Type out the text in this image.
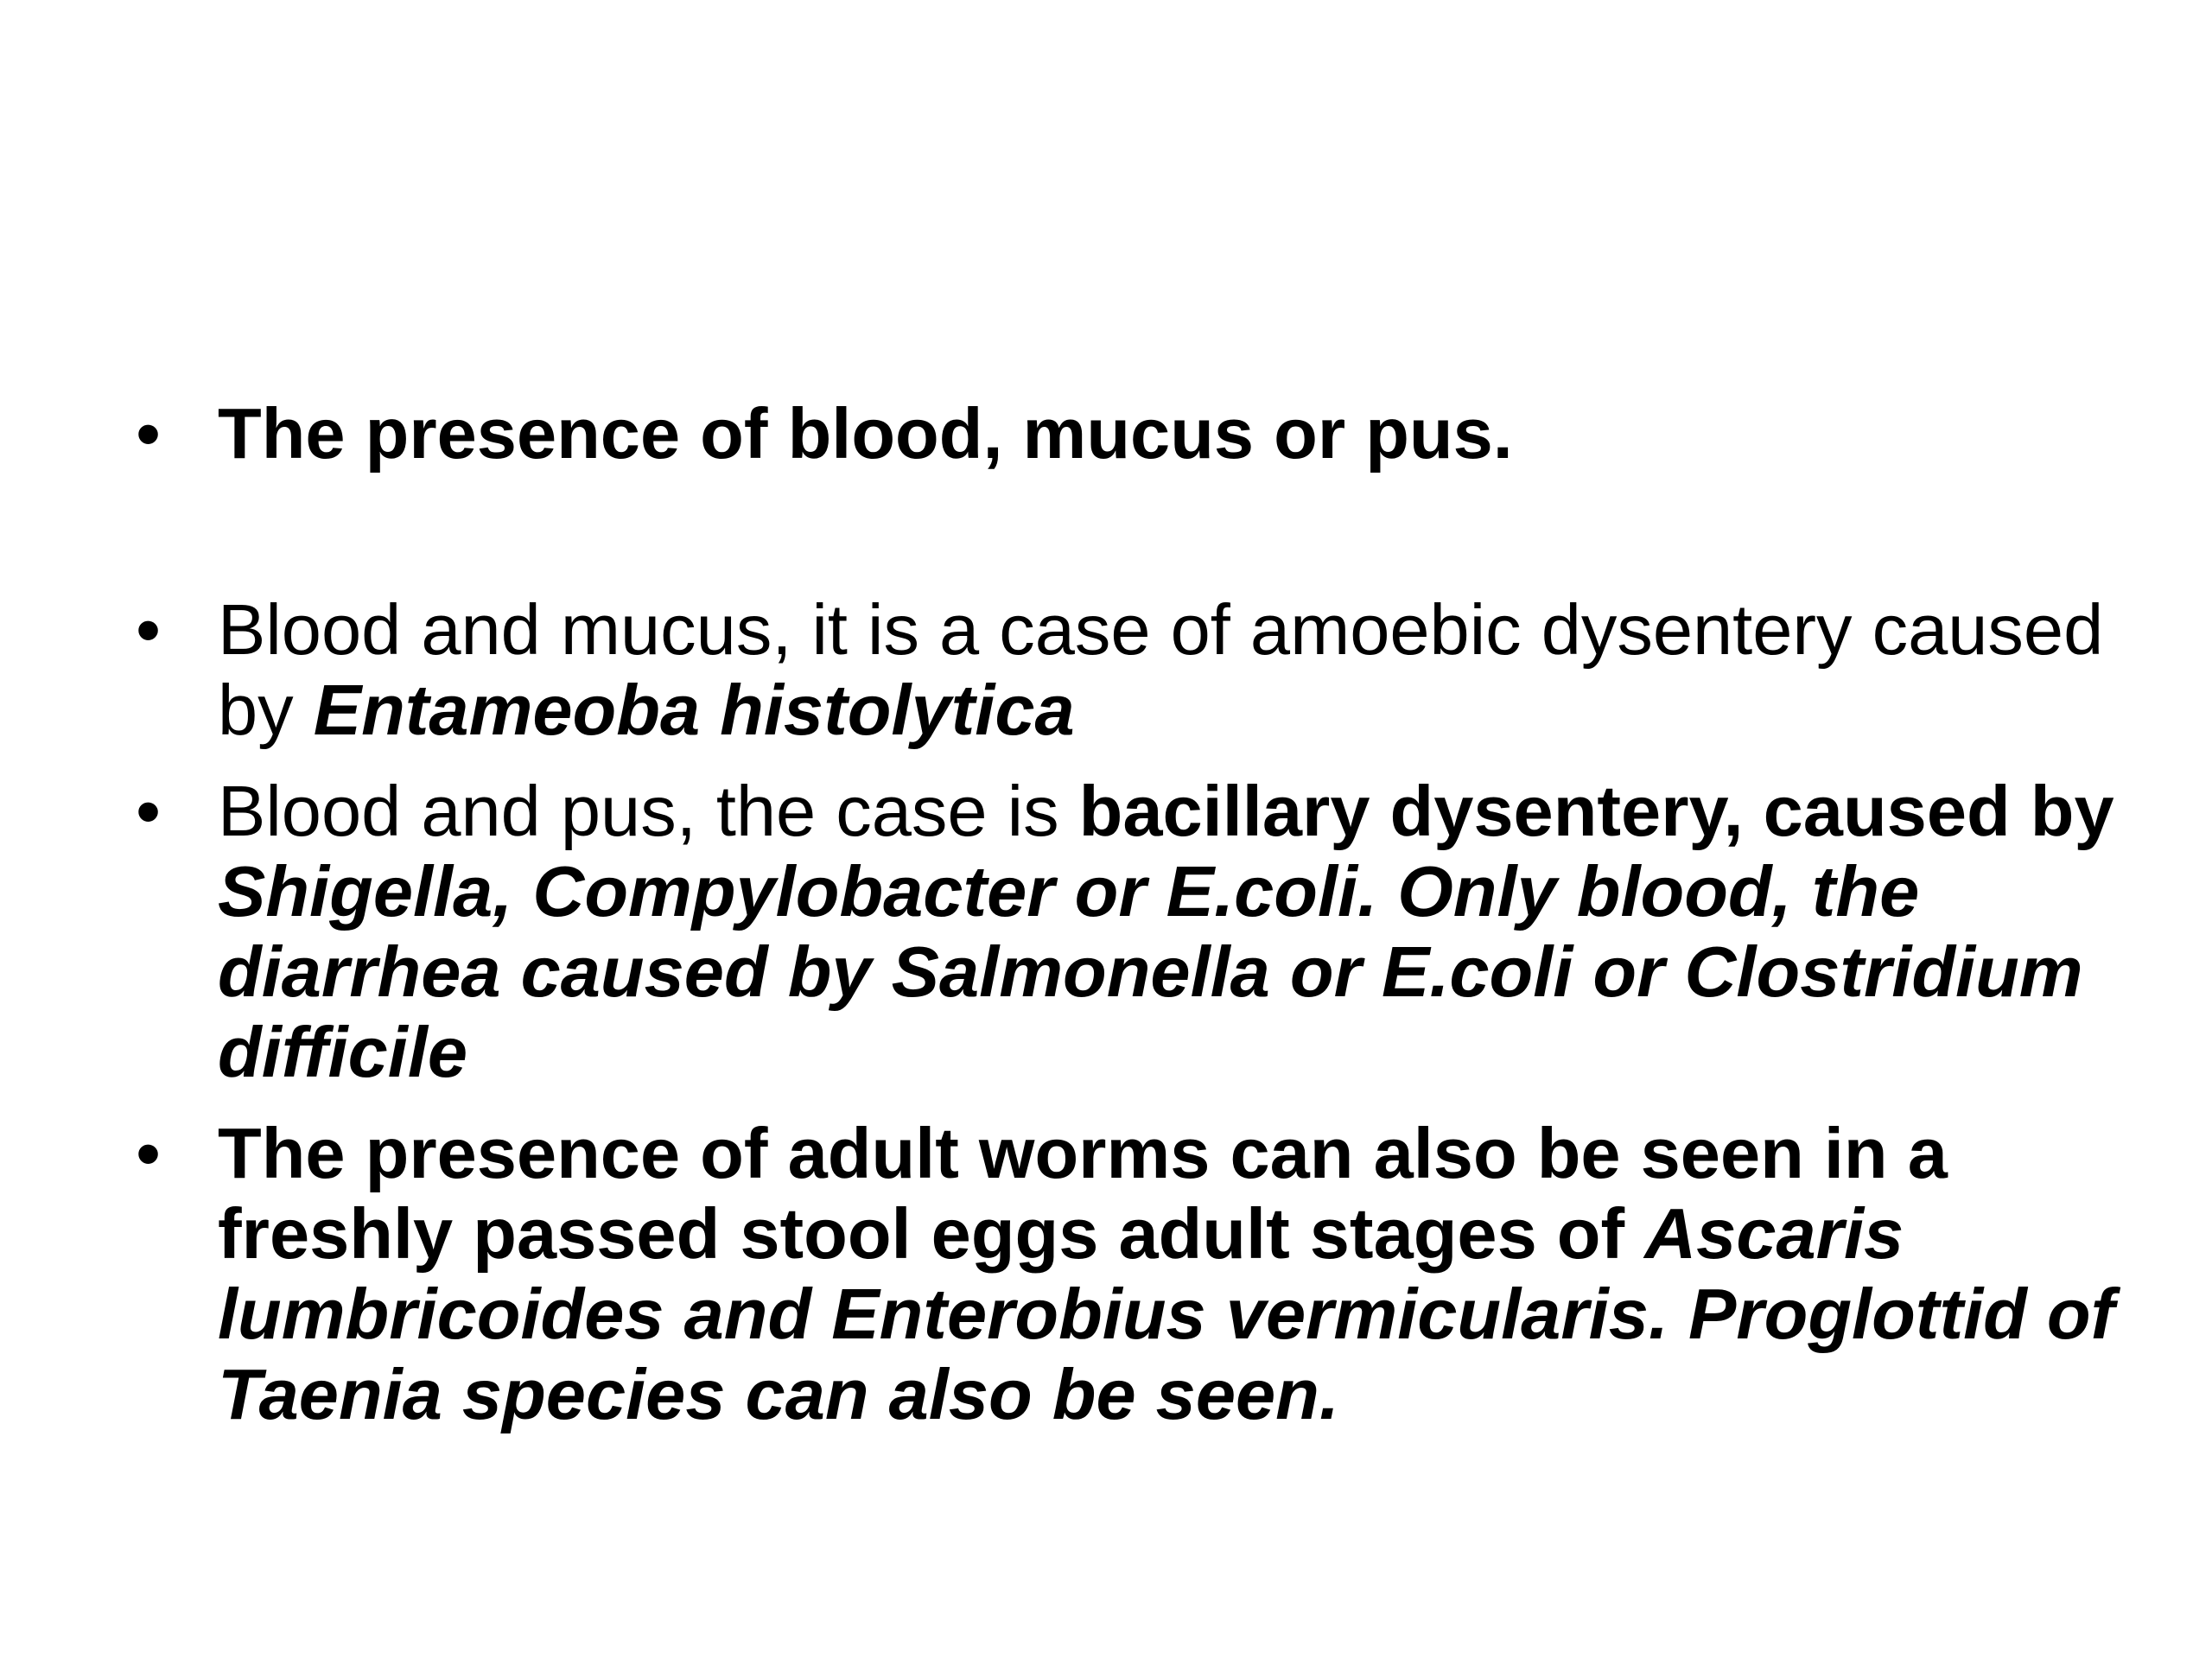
• The presence of blood, mucus or pus.
• Blood and mucus, it is a case of amoebic dysentery caused by Entameoba histolytica
• Blood and pus, the case is bacillary dysentery, caused by Shigella, Compylobacter or E.coli. Only blood, the diarrhea caused by Salmonella or E.coli or Clostridium difficile
• The presence of adult worms can also be seen in a freshly passed stool eggs adult stages of Ascaris lumbricoides and Enterobius vermicularis. Proglottid of Taenia species can also be seen.
